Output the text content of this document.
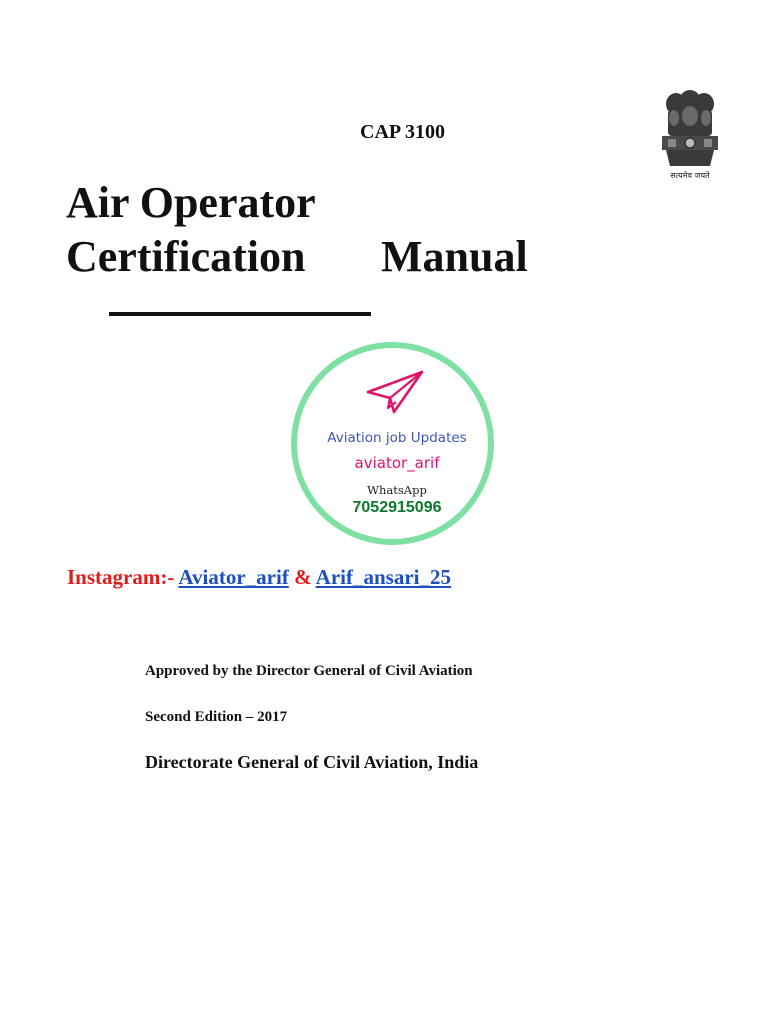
सत्यमेव जयते
CAP 3100
Air Operator
Certification Manual
Aviation job Updates
aviator_arif
WhatsApp
7052915096
Instagram:- Aviator_arif & Arif_ansari_25
Approved by the Director General of Civil Aviation
Second Edition – 2017
Directorate General of Civil Aviation, India
